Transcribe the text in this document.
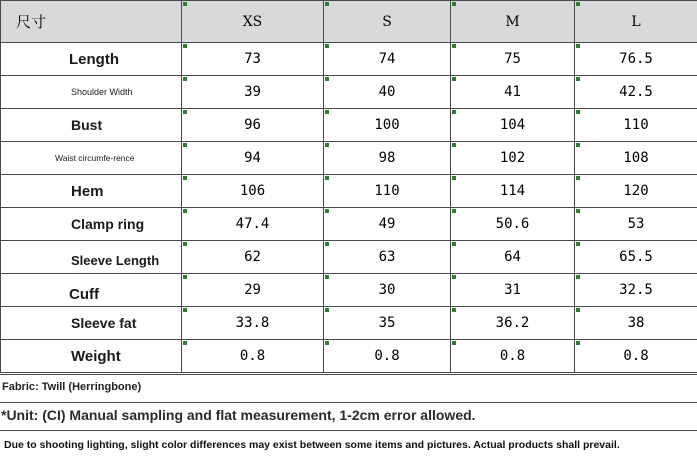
尺寸	XS	S	M	L

Length	73	74	75	76.5

Shoulder Width	39	40	41	42.5

Bust	96	100	104	110

Waist circumfe-rence	94	98	102	108

Hem	106	110	114	120

Clamp ring	47.4	49	50.6	53

Sleeve Length	62	63	64	65.5

Cuff	29	30	31	32.5

Sleeve fat	33.8	35	36.2	38

Weight	0.8	0.8	0.8	0.8
Fabric: Twill (Herringbone)
*Unit: (CI) Manual sampling and flat measurement, 1-2cm error allowed.
Due to shooting lighting, slight color differences may exist between some items and pictures. Actual products shall prevail.
